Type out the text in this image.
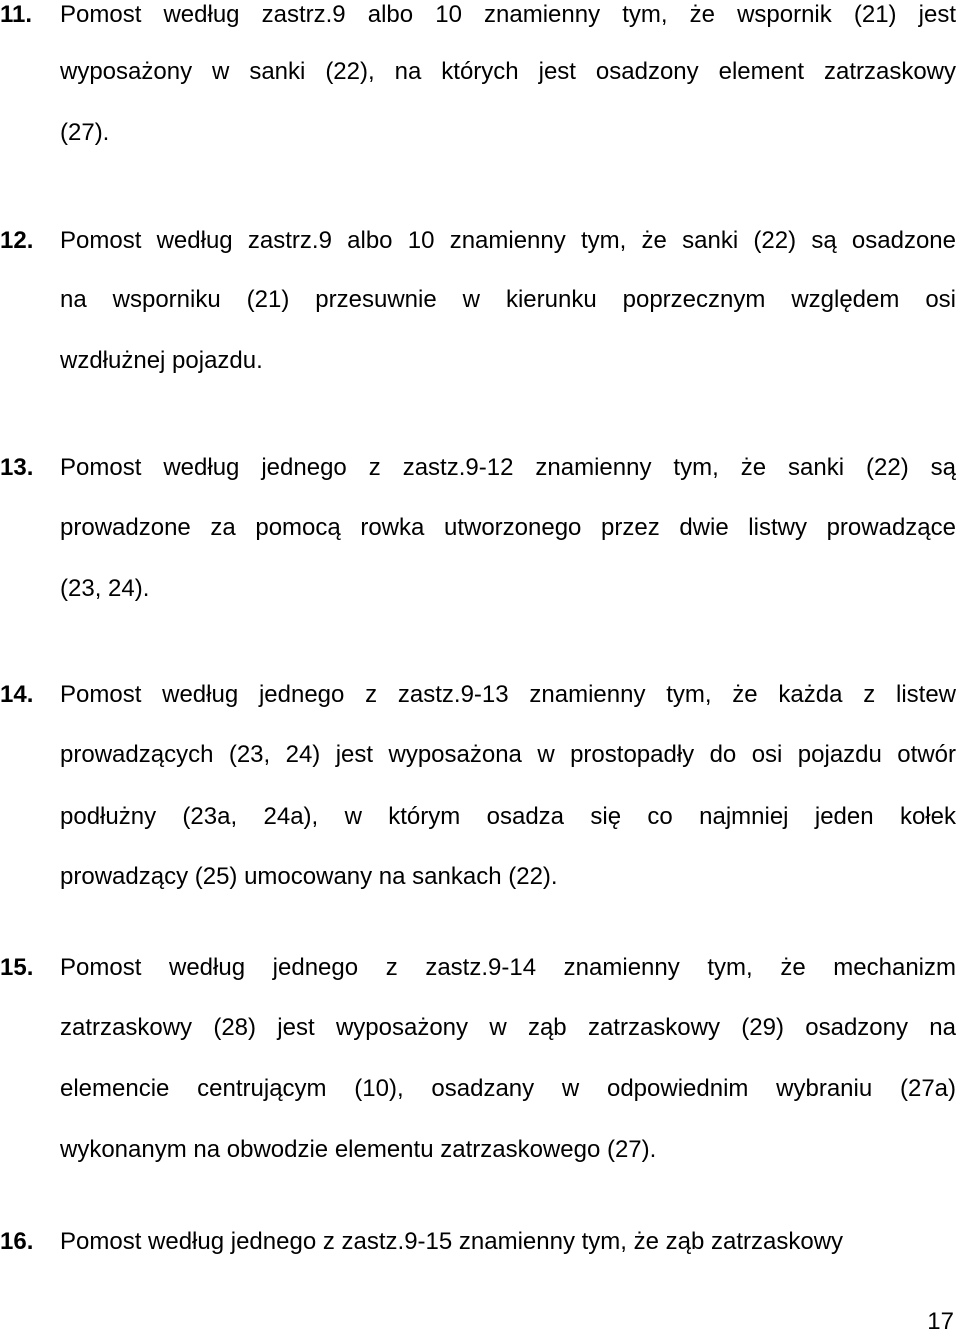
11. Pomost według zastrz.9 albo 10 znamienny tym, że wspornik (21) jest
wyposażony w sanki (22), na których jest osadzony element zatrzaskowy
(27).
12. Pomost według zastrz.9 albo 10 znamienny tym, że sanki (22) są osadzone
na wsporniku (21) przesuwnie w kierunku poprzecznym względem osi
wzdłużnej pojazdu.
13. Pomost według jednego z zastz.9-12 znamienny tym, że sanki (22) są
prowadzone za pomocą rowka utworzonego przez dwie listwy prowadzące
(23, 24).
14. Pomost według jednego z zastz.9-13 znamienny tym, że każda z listew
prowadzących (23, 24) jest wyposażona w prostopadły do osi pojazdu otwór
podłużny (23a, 24a), w którym osadza się co najmniej jeden kołek
prowadzący (25) umocowany na sankach (22).
15. Pomost według jednego z zastz.9-14 znamienny tym, że mechanizm
zatrzaskowy (28) jest wyposażony w ząb zatrzaskowy (29) osadzony na
elemencie centrującym (10), osadzany w odpowiednim wybraniu (27a)
wykonanym na obwodzie elementu zatrzaskowego (27).
16. Pomost według jednego z zastz.9-15 znamienny tym, że ząb zatrzaskowy
17
